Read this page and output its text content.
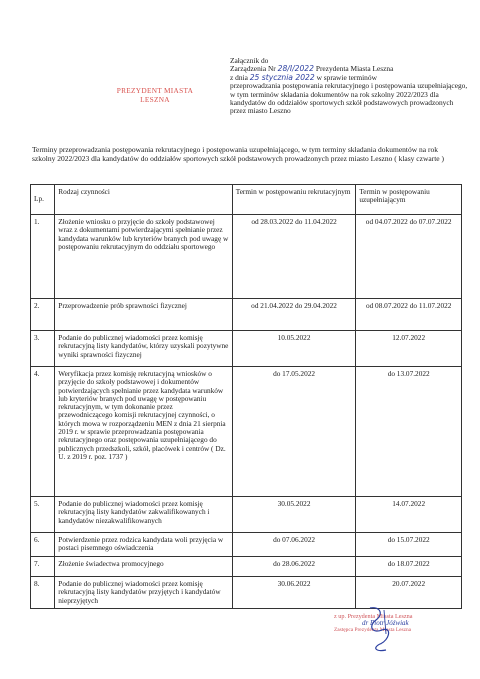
PREZYDENT MIASTA
LESZNA
Załącznik do
Zarządzenia Nr 28/I/2022 Prezydenta Miasta Leszna
z dnia 25 stycznia 2022 w sprawie terminów
przeprowadzania postępowania rekrutacyjnego i postępowania uzupełniającego, w tym terminów składania dokumentów na rok szkolny 2022/2023 dla kandydatów do oddziałów sportowych szkół podstawowych prowadzonych przez miasto Leszno
Terminy przeprowadzania postępowania rekrutacyjnego i postępowania uzupełniającego, w tym terminy składania dokumentów na rok szkolny 2022/2023 dla kandydatów do oddziałów sportowych szkół podstawowych prowadzonych przez miasto Leszno ( klasy czwarte )
Lp.	Rodzaj czynności	Termin w postępowaniu rekrutacyjnym	Termin w postępowaniu uzupełniającym
1.	Złożenie wniosku o przyjęcie do szkoły podstawowej wraz z dokumentami potwierdzającymi spełnianie przez kandydata warunków lub kryteriów branych pod uwagę w postępowaniu rekrutacyjnym do oddziału sportowego	od 28.03.2022 do 11.04.2022	od 04.07.2022 do 07.07.2022
2.	Przeprowadzenie prób sprawności fizycznej	od 21.04.2022 do 29.04.2022	od 08.07.2022 do 11.07.2022
3.	Podanie do publicznej wiadomości przez komisję rekrutacyjną listy kandydatów, którzy uzyskali pozytywne wyniki sprawności fizycznej	10.05.2022	12.07.2022
4.	Weryfikacja przez komisję rekrutacyjną wniosków o przyjęcie do szkoły podstawowej i dokumentów potwierdzających spełnianie przez kandydata warunków lub kryteriów branych pod uwagę w postępowaniu rekrutacyjnym, w tym dokonanie przez przewodniczącego komisji rekrutacyjnej czynności, o których mowa w rozporządzeniu MEN z dnia 21 sierpnia 2019 r. w sprawie przeprowadzania postępowania rekrutacyjnego oraz postępowania uzupełniającego do publicznych przedszkoli, szkół, placówek i centrów ( Dz. U. z 2019 r. poz. 1737 )	do 17.05.2022	do 13.07.2022
5.	Podanie do publicznej wiadomości przez komisję rekrutacyjną listy kandydatów zakwalifikowanych i kandydatów niezakwalifikowanych	30.05.2022	14.07.2022
6.	Potwierdzenie przez rodzica kandydata woli przyjęcia w postaci pisemnego oświadczenia	do 07.06.2022	do 15.07.2022
7.	Złożenie świadectwa promocyjnego	do 28.06.2022	do 18.07.2022
8.	Podanie do publicznej wiadomości przez komisję rekrutacyjną listy kandydatów przyjętych i kandydatów nieprzyjętych	30.06.2022	20.07.2022
z up. Prezydenta Miasta Leszna
dr Piotr Jóźwiak
Zastępca Prezydenta Miasta Leszna
